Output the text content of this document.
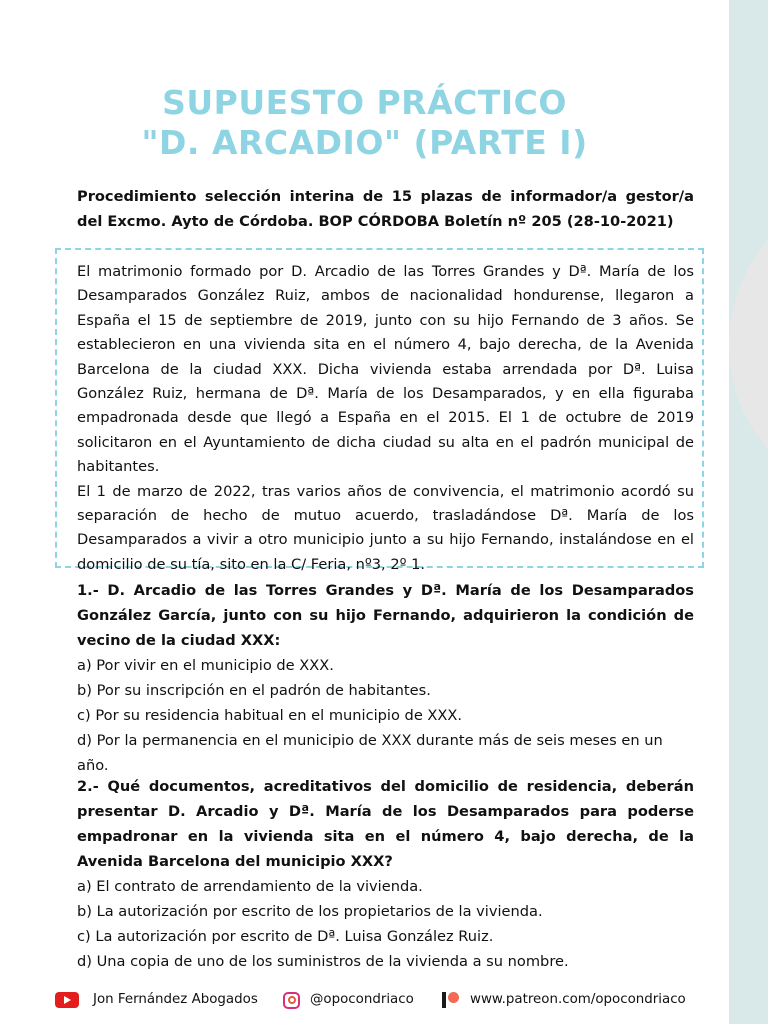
SUPUESTO PRÁCTICO
"D. ARCADIO" (PARTE I)
Procedimiento selección interina de 15 plazas de informador/a gestor/a del Excmo. Ayto de Córdoba. BOP CÓRDOBA Boletín nº 205 (28-10-2021)

El matrimonio formado por D. Arcadio de las Torres Grandes y Dª. María de los Desamparados González Ruiz, ambos de nacionalidad hondurense, llegaron a España el 15 de septiembre de 2019, junto con su hijo Fernando de 3 años. Se establecieron en una vivienda sita en el número 4, bajo derecha, de la Avenida Barcelona de la ciudad XXX. Dicha vivienda estaba arrendada por Dª. Luisa González Ruiz, hermana de Dª. María de los Desamparados, y en ella figuraba empadronada desde que llegó a España en el 2015. El 1 de octubre de 2019 solicitaron en el Ayuntamiento de dicha ciudad su alta en el padrón municipal de habitantes.

El 1 de marzo de 2022, tras varios años de convivencia, el matrimonio acordó su separación de hecho de mutuo acuerdo, trasladándose Dª. María de los Desamparados a vivir a otro municipio junto a su hijo Fernando, instalándose en el domicilio de su tía, sito en la C/ Feria, nº3, 2º 1.

1.- D. Arcadio de las Torres Grandes y Dª. María de los Desamparados González García, junto con su hijo Fernando, adquirieron la condición de vecino de la ciudad XXX:

a) Por vivir en el municipio de XXX.

b) Por su inscripción en el padrón de habitantes.

c) Por su residencia habitual en el municipio de XXX.

d) Por la permanencia en el municipio de XXX durante más de seis meses en un año.

2.- Qué documentos, acreditativos del domicilio de residencia, deberán presentar D. Arcadio y Dª. María de los Desamparados para poderse empadronar en la vivienda sita en el número 4, bajo derecha, de la Avenida Barcelona del municipio XXX?

a) El contrato de arrendamiento de la vivienda.

b) La autorización por escrito de los propietarios de la vivienda.

c) La autorización por escrito de Dª. Luisa González Ruiz.

d) Una copia de uno de los suministros de la vivienda a su nombre.

Jon Fernández Abogados	@opocondriaco	www.patreon.com/opocondriaco
